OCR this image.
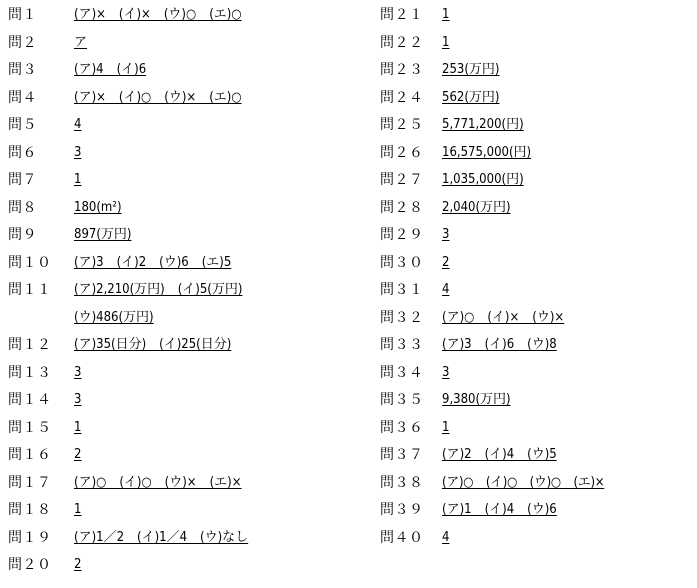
問１	(ア)×　(イ)×　(ウ)○　(エ)○
問２	ア
問３	(ア)4　(イ)6
問４	(ア)×　(イ)○　(ウ)×　(エ)○
問５	4
問６	3
問７	1
問８	180(m²)
問９	897(万円)
問１０ (ア)3　(イ)2　(ウ)6　(エ)5
問１１ (ア)2,210(万円)　(イ)5(万円)
(ウ)486(万円)
問１２ (ア)35(日分)　(イ)25(日分)
問１３ 3
問１４ 3
問１５ 1
問１６ 2
問１７ (ア)○　(イ)○　(ウ)×　(エ)×
問１８ 1
問１９ (ア)1／2　(イ)1／4　(ウ)なし
問２０ 2
問２１ 1
問２２ 1
問２３ 253(万円)
問２４ 562(万円)
問２５ 5,771,200(円)
問２６ 16,575,000(円)
問２７ 1,035,000(円)
問２８ 2,040(万円)
問２９ 3
問３０ 2
問３１ 4
問３２ (ア)○　(イ)×　(ウ)×
問３３ (ア)3　(イ)6　(ウ)8
問３４ 3
問３５ 9,380(万円)
問３６ 1
問３７ (ア)2　(イ)4　(ウ)5
問３８ (ア)○　(イ)○　(ウ)○　(エ)×
問３９ (ア)1　(イ)4　(ウ)6
問４０ 4
